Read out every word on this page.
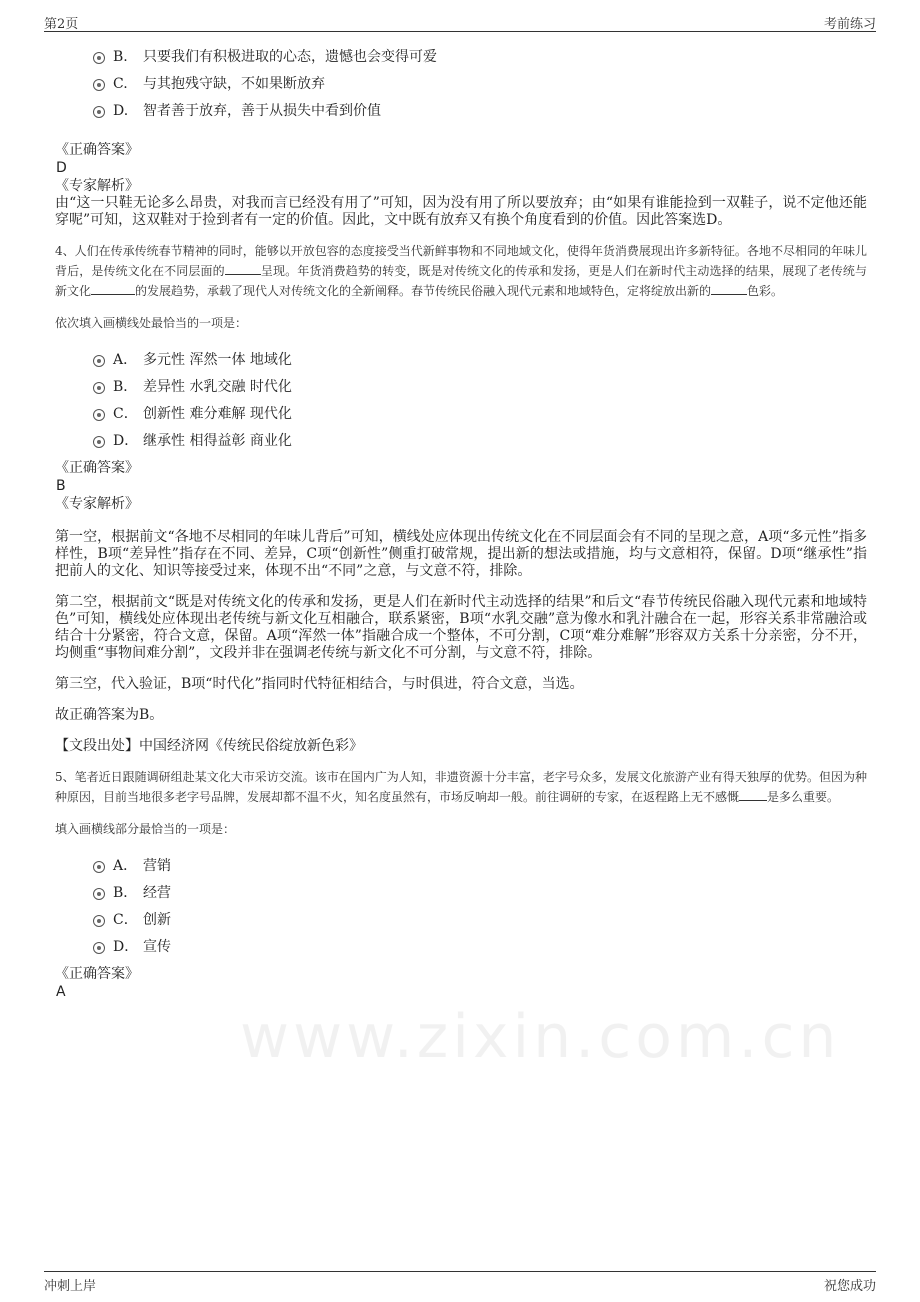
第2页	考前练习
www.zixin.com.cn
B. 只要我们有积极进取的心态，遗憾也会变得可爱
C. 与其抱残守缺，不如果断放弃
D. 智者善于放弃，善于从损失中看到价值
《正确答案》
D
《专家解析》
由“这一只鞋无论多么昂贵，对我而言已经没有用了”可知，因为没有用了所以要放弃；由“如果有谁能捡到一双鞋子，说不定他还能穿呢”可知，这双鞋对于捡到者有一定的价值。因此，文中既有放弃又有换个角度看到的价值。因此答案选D。
4、人们在传承传统春节精神的同时，能够以开放包容的态度接受当代新鲜事物和不同地域文化，使得年货消费展现出许多新特征。各地不尽相同的年味儿背后，是传统文化在不同层面的	呈现。年货消费趋势的转变，既是对传统文化的传承和发扬，更是人们在新时代主动选择的结果，展现了老传统与新文化	的发展趋势，承载了现代人对传统文化的全新阐释。春节传统民俗融入现代元素和地域特色，定将绽放出新的	色彩。
依次填入画横线处最恰当的一项是：
A． 多元性 浑然一体 地域化
B． 差异性 水乳交融 时代化
C． 创新性 难分难解 现代化
D． 继承性 相得益彰 商业化
《正确答案》
B
《专家解析》
第一空，根据前文“各地不尽相同的年味儿背后”可知，横线处应体现出传统文化在不同层面会有不同的呈现之意，A项“多元性”指多样性，B项“差异性”指存在不同、差异，C项“创新性”侧重打破常规，提出新的想法或措施，均与文意相符，保留。D项“继承性”指把前人的文化、知识等接受过来，体现不出“不同”之意，与文意不符，排除。
第二空，根据前文“既是对传统文化的传承和发扬，更是人们在新时代主动选择的结果”和后文“春节传统民俗融入现代元素和地域特色”可知，横线处应体现出老传统与新文化互相融合，联系紧密，B项“水乳交融”意为像水和乳汁融合在一起，形容关系非常融洽或结合十分紧密，符合文意，保留。A项“浑然一体”指融合成一个整体，不可分割，C项“难分难解”形容双方关系十分亲密，分不开，均侧重“事物间难分割”，文段并非在强调老传统与新文化不可分割，与文意不符，排除。
第三空，代入验证，B项“时代化”指同时代特征相结合，与时俱进，符合文意，当选。
故正确答案为B。
【文段出处】中国经济网《传统民俗绽放新色彩》
5、笔者近日跟随调研组赴某文化大市采访交流。该市在国内广为人知，非遗资源十分丰富，老字号众多，发展文化旅游产业有得天独厚的优势。但因为种种原因，目前当地很多老字号品牌，发展却都不温不火，知名度虽然有，市场反响却一般。前往调研的专家，在返程路上无不感慨 是多么重要。
填入画横线部分最恰当的一项是：
A． 营销
B． 经营
C． 创新
D． 宣传
《正确答案》
A
冲刺上岸	祝您成功
